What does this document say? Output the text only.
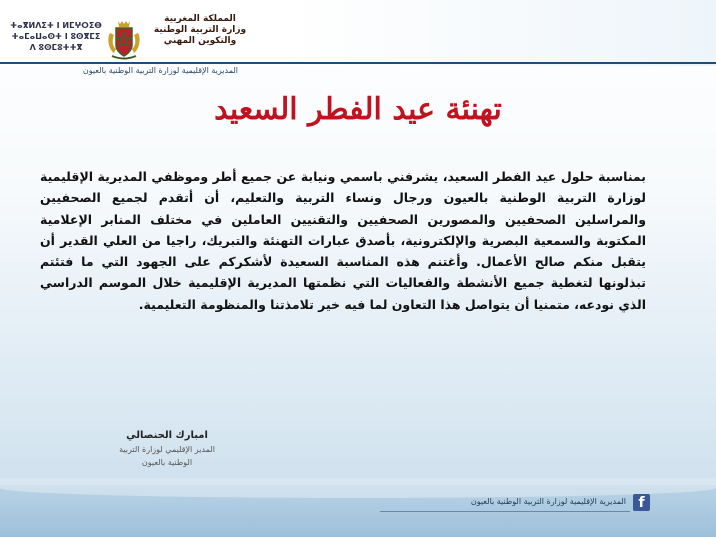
ⵜⴰⴳⵍⴷⵉⵜ ⵏ ⵍⵎⵖⵔⵉⴱ
ⵜⴰⵎⴰⵡⴰⵙⵜ ⵏ ⵓⵙⴳⵎⵉ
ⴷ ⵓⵙⵎⵓⵜⵜⴳ
المملكة المغربية
وزارة التربية الوطنية
والتكوين المهني
المديرية الإقليمية لوزارة التربية الوطنية بالعيون
تهنئة عيد الفطر السعيد
بمناسبة حلول عيد الفطر السعيد، يشرفني باسمي ونيابة عن جميع أطر وموظفي المديرية الإقليمية لوزارة التربية الوطنية بالعيون ورجال ونساء التربية والتعليم، أن أتقدم لجميع الصحفيين والمراسلين الصحفيين والمصورين الصحفيين والتقنيين العاملين في مختلف المنابر الإعلامية المكتوبة والسمعية البصرية والإلكترونية، بأصدق عبارات التهنئة والتبريك، راجيا من العلي القدير أن يتقبل منكم صالح الأعمال. وأغتنم هذه المناسبة السعيدة لأشكركم على الجهود التي ما فتئتم تبذلونها لتغطية جميع الأنشطة والفعاليات التي نظمتها المديرية الإقليمية خلال الموسم الدراسي الذي نودعه، متمنيا أن يتواصل هذا التعاون لما فيه خير تلامذتنا والمنظومة التعليمية.
امبارك الحنصالي
المدير الإقليمي لوزارة التربية
الوطنية بالعيون
المديرية الإقليمية لوزارة التربية الوطنية بالعيون f
